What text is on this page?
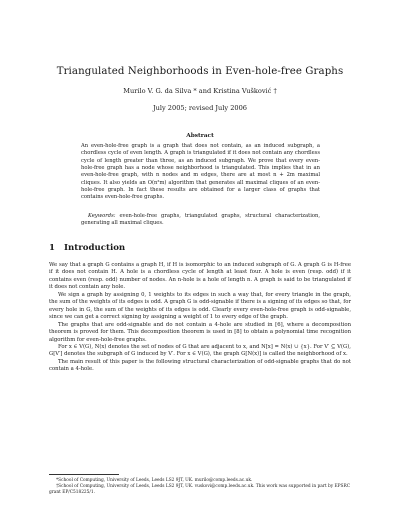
Triangulated Neighborhoods in Even-hole-free Graphs
Murilo V. G. da Silva * and Kristina Vušković †
July 2005; revised July 2006
Abstract

An even-hole-free graph is a graph that does not contain, as an induced subgraph, a chordless cycle of even length. A graph is triangulated if it does not contain any chordless cycle of length greater than three, as an induced subgraph. We prove that every even-hole-free graph has a node whose neighborhood is triangulated. This implies that in an even-hole-free graph, with n nodes and m edges, there are at most n + 2m maximal cliques. It also yields an O(n²m) algorithm that generates all maximal cliques of an even-hole-free graph. In fact these results are obtained for a larger class of graphs that contains even-hole-free graphs.

Keywords: even-hole-free graphs, triangulated graphs, structural characterization, generating all maximal cliques.

1 Introduction

We say that a graph G contains a graph H, if H is isomorphic to an induced subgraph of G. A graph G is H-free if it does not contain H. A hole is a chordless cycle of length at least four. A hole is even (resp. odd) if it contains even (resp. odd) number of nodes. An n-hole is a hole of length n. A graph is said to be triangulated if it does not contain any hole.

We sign a graph by assigning 0, 1 weights to its edges in such a way that, for every triangle in the graph, the sum of the weights of its edges is odd. A graph G is odd-signable if there is a signing of its edges so that, for every hole in G, the sum of the weights of its edges is odd. Clearly every even-hole-free graph is odd-signable, since we can get a correct signing by assigning a weight of 1 to every edge of the graph.

The graphs that are odd-signable and do not contain a 4-hole are studied in [6], where a decomposition theorem is proved for them. This decomposition theorem is used in [8] to obtain a polynomial time recognition algorithm for even-hole-free graphs.

For x ∈ V(G), N(x) denotes the set of nodes of G that are adjacent to x, and N[x] = N(x) ∪ {x}. For V′ ⊆ V(G), G[V′] denotes the subgraph of G induced by V′. For x ∈ V(G), the graph G[N(x)] is called the neighborhood of x.

The main result of this paper is the following structural characterization of odd-signable graphs that do not contain a 4-hole.

*School of Computing, University of Leeds, Leeds LS2 9JT, UK. murilo@comp.leeds.ac.uk.

†School of Computing, University of Leeds, Leeds LS2 9JT, UK. vuskovi@comp.leeds.ac.uk. This work was supported in part by EPSRC grant EP/C518225/1.
